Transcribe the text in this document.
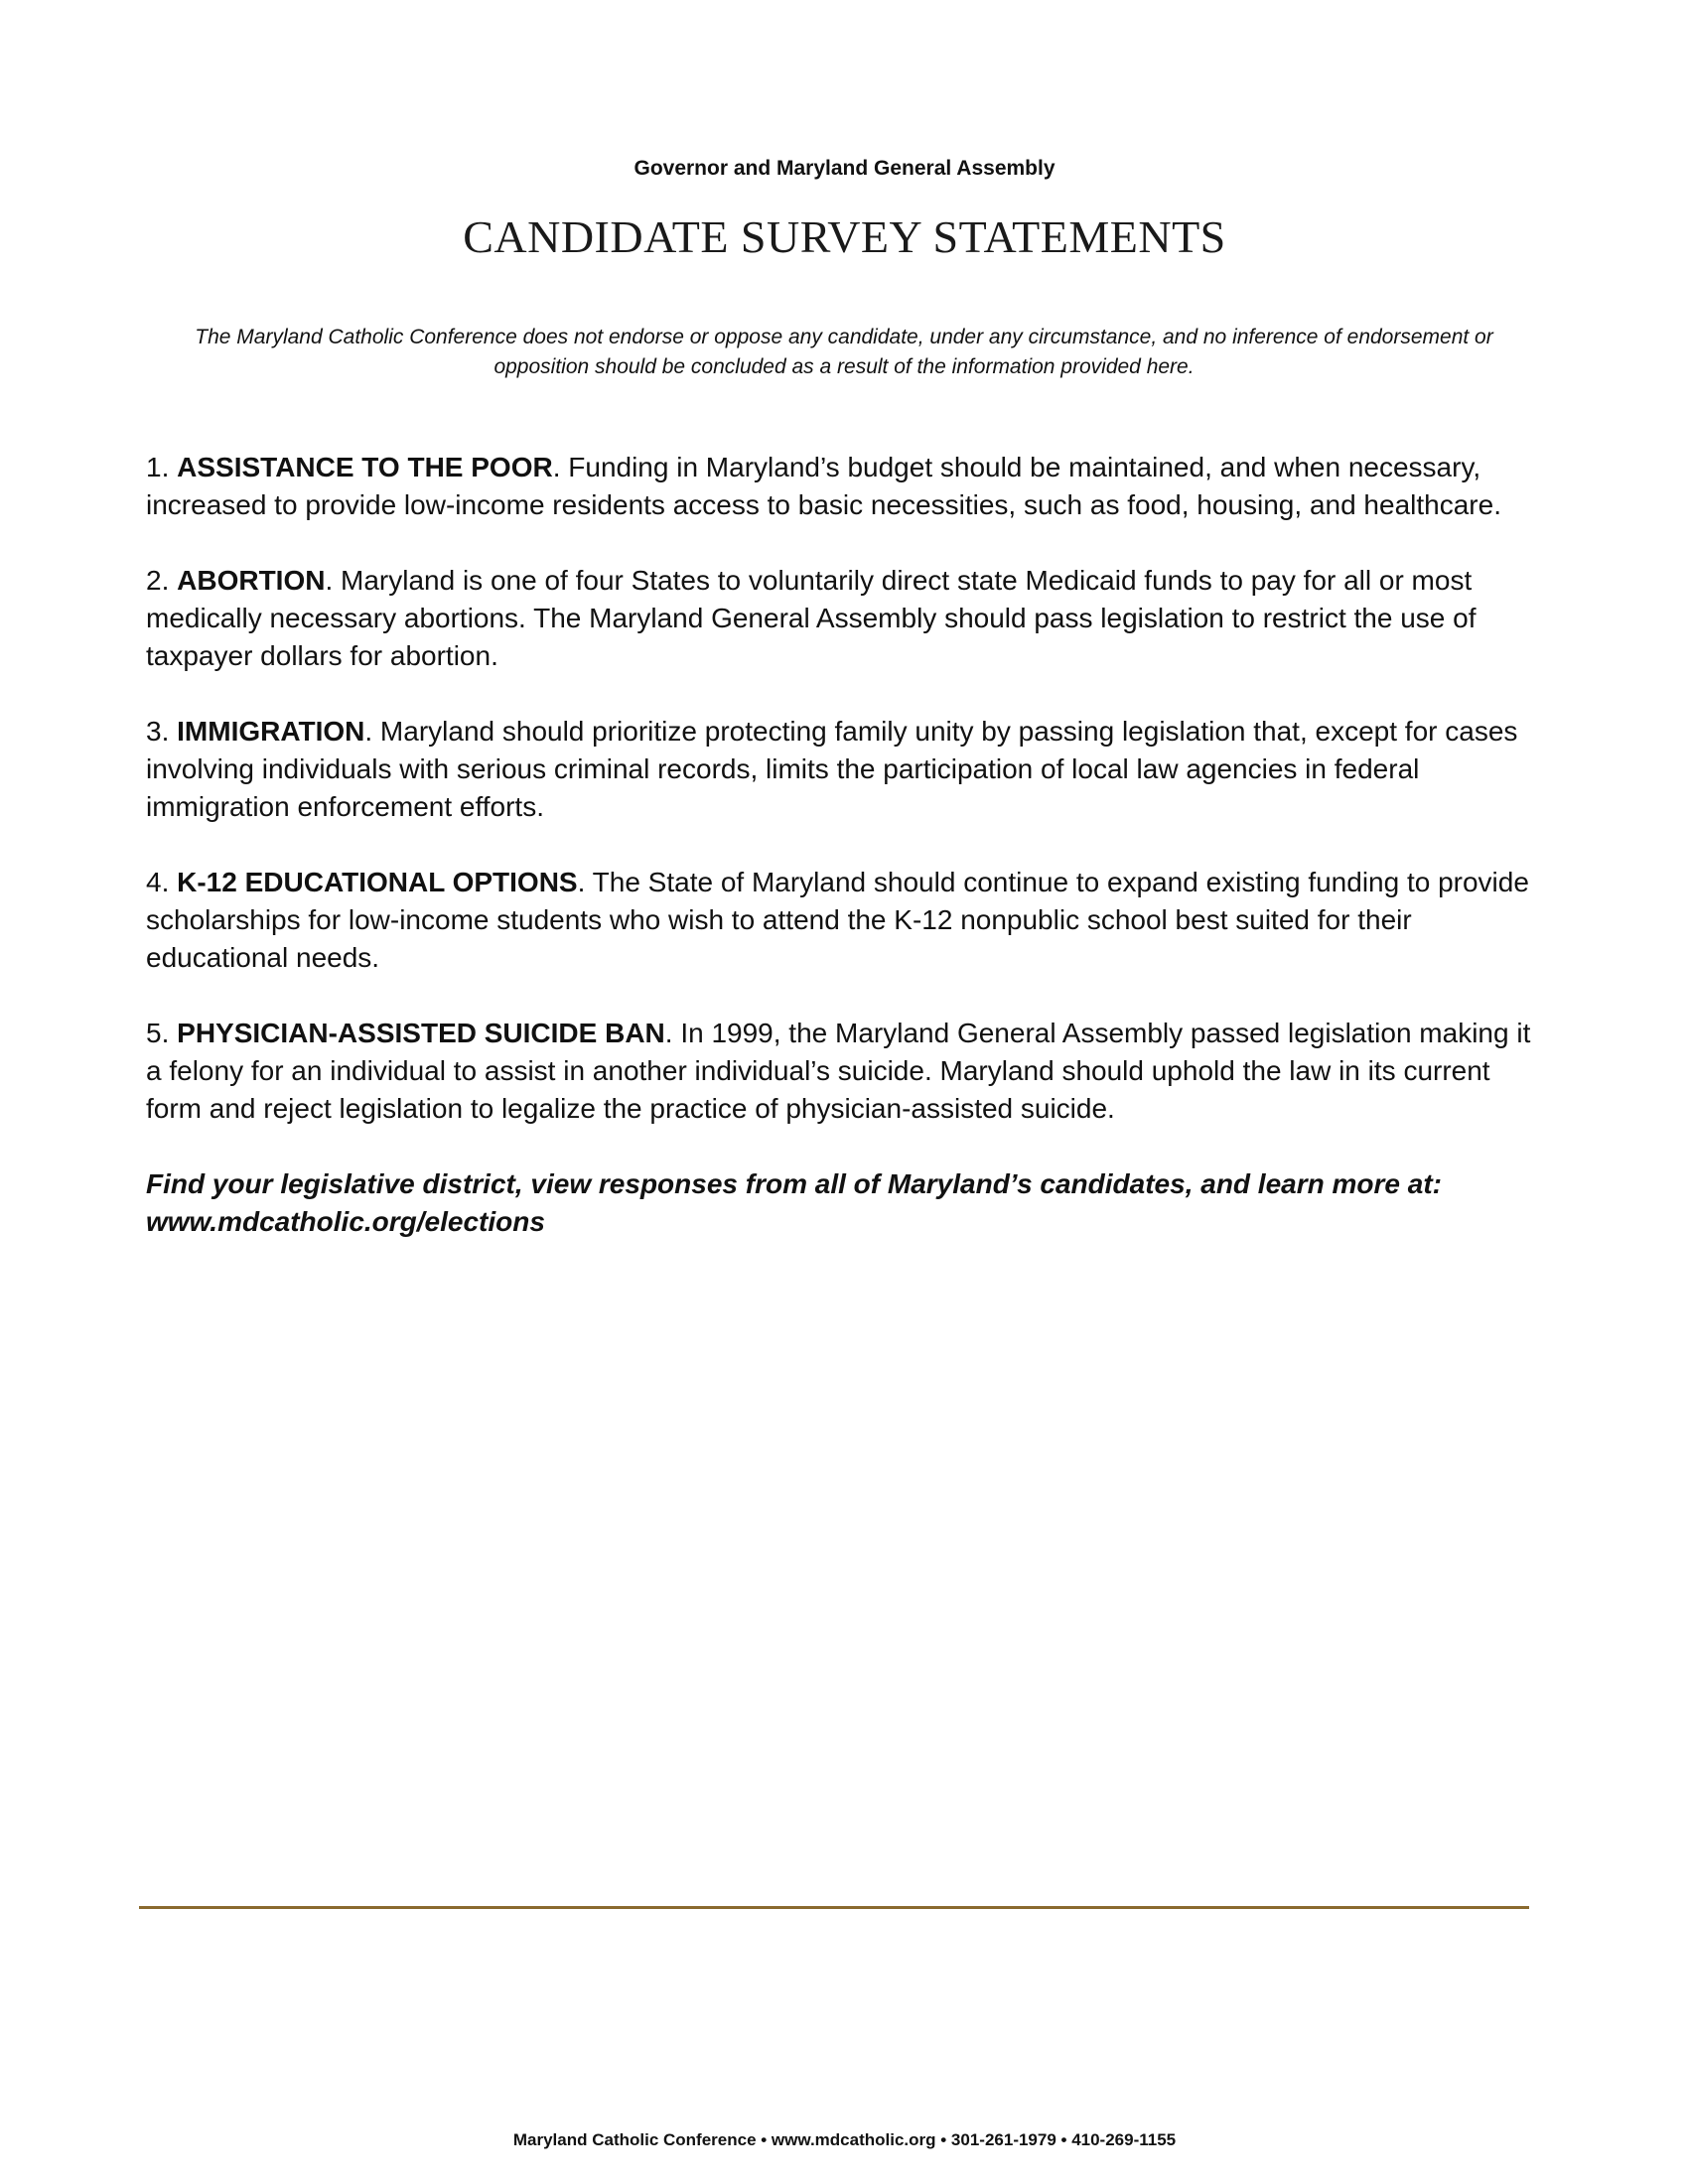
Governor and Maryland General Assembly
CANDIDATE SURVEY STATEMENTS
The Maryland Catholic Conference does not endorse or oppose any candidate, under any circumstance, and no inference of endorsement or opposition should be concluded as a result of the information provided here.

1. ASSISTANCE TO THE POOR. Funding in Maryland’s budget should be maintained, and when necessary, increased to provide low-income residents access to basic necessities, such as food, housing, and healthcare.

2. ABORTION. Maryland is one of four States to voluntarily direct state Medicaid funds to pay for all or most medically necessary abortions. The Maryland General Assembly should pass legislation to restrict the use of taxpayer dollars for abortion.

3. IMMIGRATION. Maryland should prioritize protecting family unity by passing legislation that, except for cases involving individuals with serious criminal records, limits the participation of local law agencies in federal immigration enforcement efforts.

4. K-12 EDUCATIONAL OPTIONS. The State of Maryland should continue to expand existing funding to provide scholarships for low-income students who wish to attend the K-12 nonpublic school best suited for their educational needs.

5. PHYSICIAN-ASSISTED SUICIDE BAN. In 1999, the Maryland General Assembly passed legislation making it a felony for an individual to assist in another individual’s suicide. Maryland should uphold the law in its current form and reject legislation to legalize the practice of physician-assisted suicide.

Find your legislative district, view responses from all of Maryland’s candidates, and learn more at: www.mdcatholic.org/elections

Maryland Catholic Conference • www.mdcatholic.org • 301-261-1979 • 410-269-1155
